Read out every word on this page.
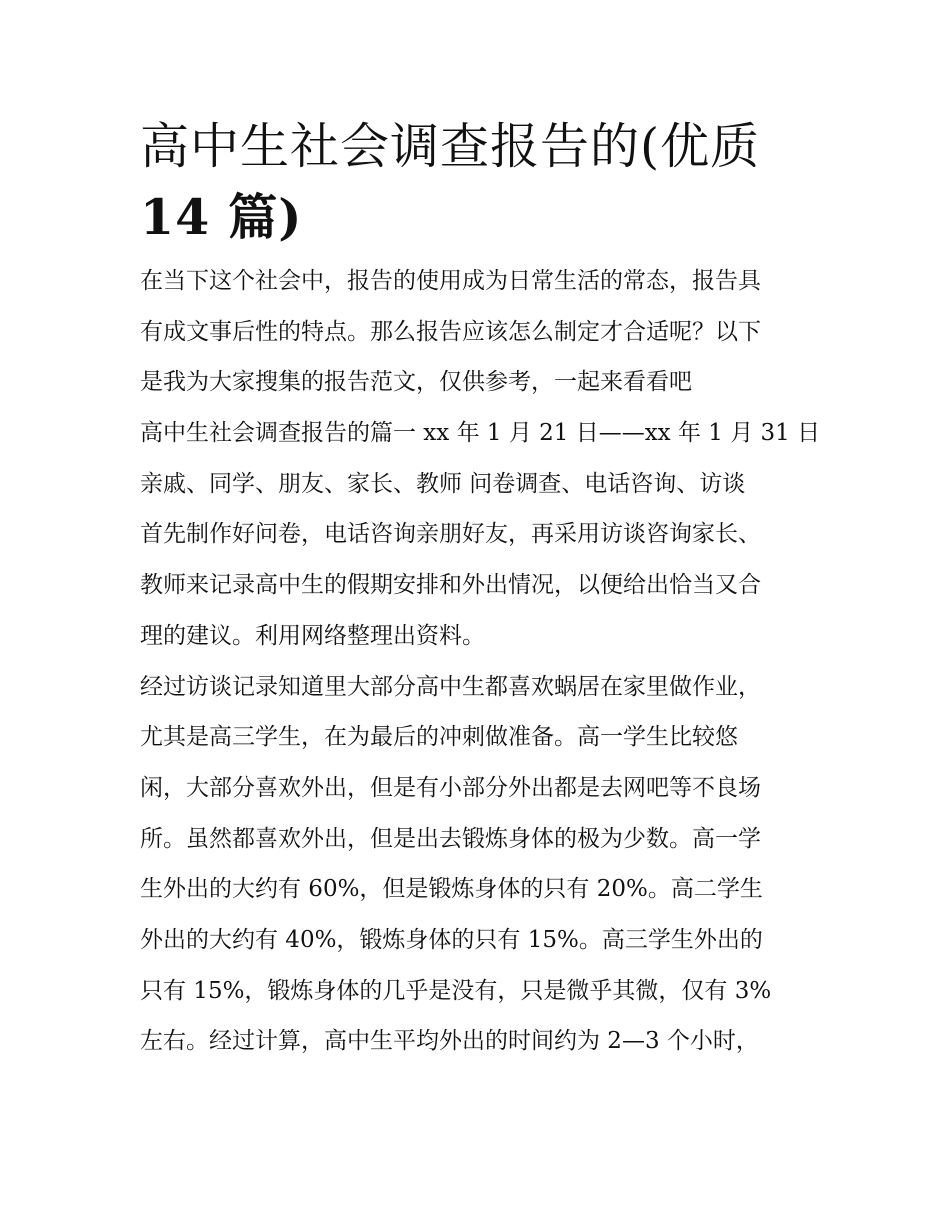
高中生社会调查报告的(优质
14 篇)
在当下这个社会中，报告的使用成为日常生活的常态，报告具
有成文事后性的特点。那么报告应该怎么制定才合适呢？以下
是我为大家搜集的报告范文，仅供参考，一起来看看吧
高中生社会调查报告的篇一 xx 年 1 月 21 日——xx 年 1 月 31 日
亲戚、同学、朋友、家长、教师 问卷调查、电话咨询、访谈
首先制作好问卷，电话咨询亲朋好友，再采用访谈咨询家长、
教师来记录高中生的假期安排和外出情况，以便给出恰当又合
理的建议。利用网络整理出资料。
经过访谈记录知道里大部分高中生都喜欢蜗居在家里做作业，
尤其是高三学生，在为最后的冲刺做准备。高一学生比较悠
闲，大部分喜欢外出，但是有小部分外出都是去网吧等不良场
所。虽然都喜欢外出，但是出去锻炼身体的极为少数。高一学
生外出的大约有 60%，但是锻炼身体的只有 20%。高二学生
外出的大约有 40%，锻炼身体的只有 15%。高三学生外出的
只有 15%，锻炼身体的几乎是没有，只是微乎其微，仅有 3%
左右。经过计算，高中生平均外出的时间约为 2—3 个小时，
